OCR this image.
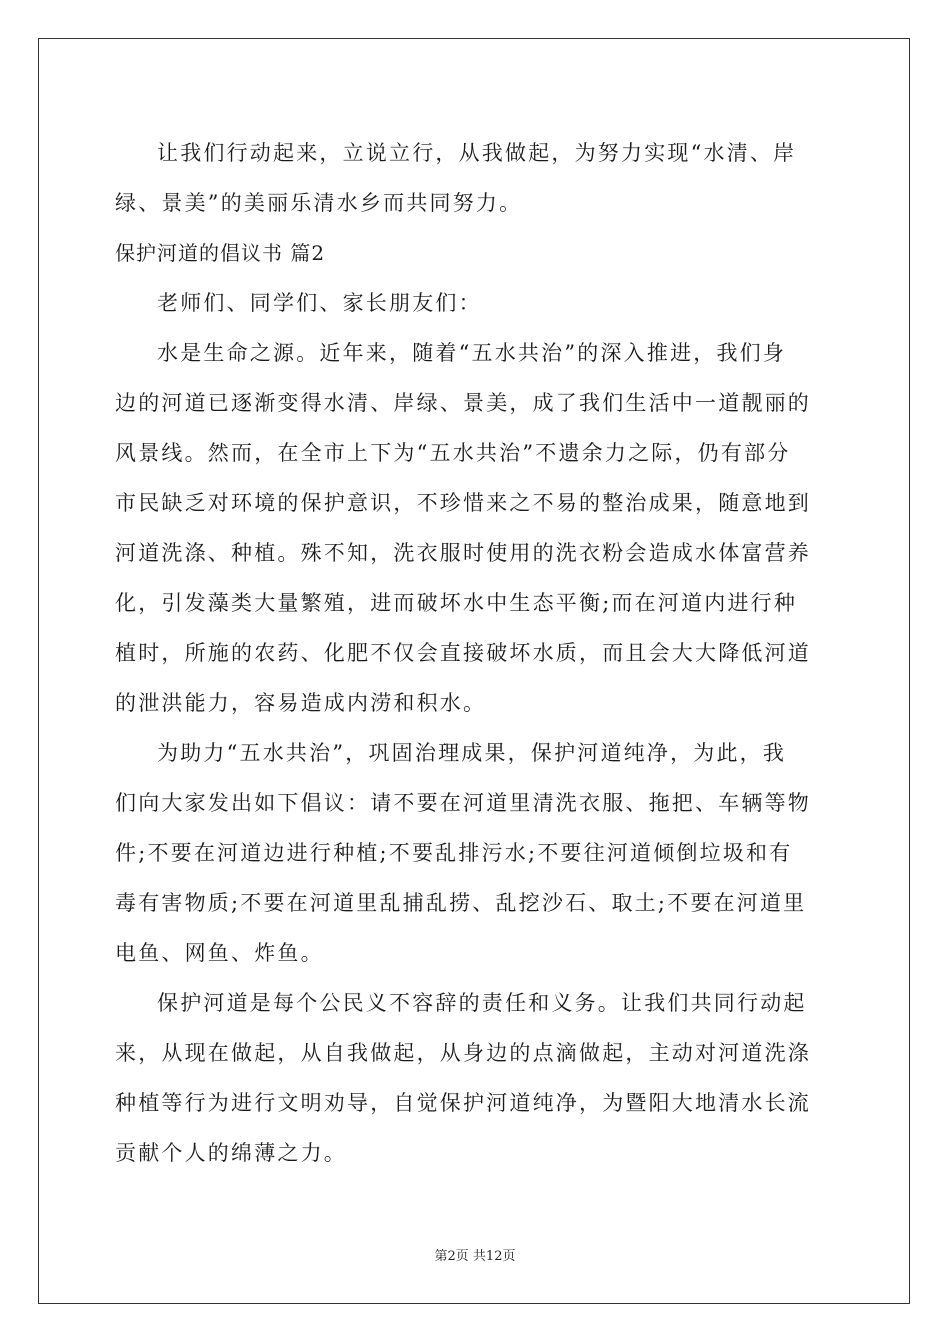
让我们行动起来，立说立行，从我做起，为努力实现“水清、岸
绿、景美”的美丽乐清水乡而共同努力。

保护河道的倡议书 篇2

老师们、同学们、家长朋友们：

水是生命之源。近年来，随着“五水共治”的深入推进，我们身
边的河道已逐渐变得水清、岸绿、景美，成了我们生活中一道靓丽的
风景线。然而，在全市上下为“五水共治”不遗余力之际，仍有部分
市民缺乏对环境的保护意识，不珍惜来之不易的整治成果，随意地到
河道洗涤、种植。殊不知，洗衣服时使用的洗衣粉会造成水体富营养
化，引发藻类大量繁殖，进而破坏水中生态平衡;而在河道内进行种
植时，所施的农药、化肥不仅会直接破坏水质，而且会大大降低河道
的泄洪能力，容易造成内涝和积水。

为助力“五水共治”，巩固治理成果，保护河道纯净，为此，我
们向大家发出如下倡议：请不要在河道里清洗衣服、拖把、车辆等物
件;不要在河道边进行种植;不要乱排污水;不要往河道倾倒垃圾和有
毒有害物质;不要在河道里乱捕乱捞、乱挖沙石、取土;不要在河道里
电鱼、网鱼、炸鱼。

保护河道是每个公民义不容辞的责任和义务。让我们共同行动起
来，从现在做起，从自我做起，从身边的点滴做起，主动对河道洗涤
种植等行为进行文明劝导，自觉保护河道纯净，为暨阳大地清水长流
贡献个人的绵薄之力。

第2页 共12页
